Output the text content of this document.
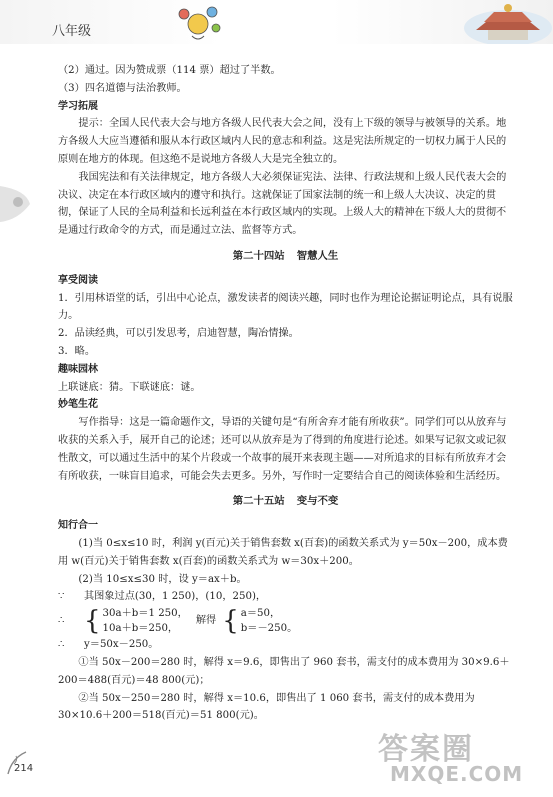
八年级

（2）通过。因为赞成票（114 票）超过了半数。

（3）四名道德与法治教师。

学习拓展

提示：全国人民代表大会与地方各级人民代表大会之间，没有上下级的领导与被领导的关系。地方各级人大应当遵循和服从本行政区域内人民的意志和利益。这是宪法所规定的一切权力属于人民的原则在地方的体现。但这绝不是说地方各级人大是完全独立的。

我国宪法和有关法律规定，地方各级人大必须保证宪法、法律、行政法规和上级人民代表大会的决议、决定在本行政区域内的遵守和执行。这就保证了国家法制的统一和上级人大决议、决定的贯彻，保证了人民的全局利益和长远利益在本行政区域内的实现。上级人大的精神在下级人大的贯彻不是通过行政命令的方式，而是通过立法、监督等方式。

第二十四站 智慧人生

享受阅读

1．引用林语堂的话，引出中心论点，激发读者的阅读兴趣，同时也作为理论论据证明论点，具有说服力。

2．品读经典，可以引发思考，启迪智慧，陶冶情操。

3．略。

趣味园林

上联谜底：猜。下联谜底：谜。

妙笔生花

写作指导：这是一篇命题作文，导语的关键句是“有所舍弃才能有所收获”。同学们可以从放弃与收获的关系入手，展开自己的论述；还可以从放弃是为了得到的角度进行论述。如果写记叙文或记叙性散文，可以通过生活中的某个片段或一个故事的展开来表现主题——对所追求的目标有所放弃才会有所收获，一味盲目追求，可能会失去更多。另外，写作时一定要结合自己的阅读体验和生活经历。

第二十五站 变与不变

知行合一

(1)当 0≤x≤10 时，利润 y(百元)关于销售套数 x(百套)的函数关系式为 y＝50x－200，成本费用 w(百元)关于销售套数 x(百套)的函数关系式为 w＝30x＋200。

(2)当 10≤x≤30 时，设 y＝ax＋b。

∵	其图象过点(30，1 250)，(10，250)，
∴ { 30a＋b＝1 250，
10a＋b＝250，
解得 { a＝50，
b＝－250。
∴	y＝50x－250。

①当 50x－200＝280 时，解得 x＝9.6，即售出了 960 套书，需支付的成本费用为 30×9.6＋200＝488(百元)＝48 800(元)；

②当 50x－250＝280 时，解得 x＝10.6，即售出了 1 060 套书，需支付的成本费用为 30×10.6＋200＝518(百元)＝51 800(元)。

214
答案圈
MXQE.COM
